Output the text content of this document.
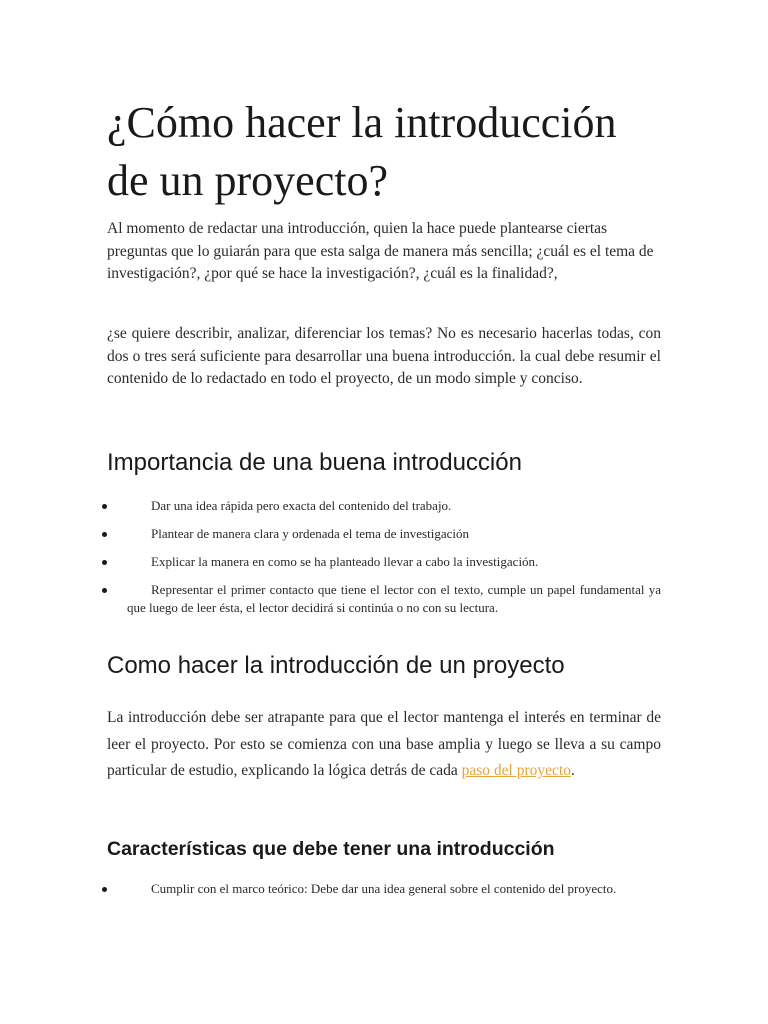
¿Cómo hacer la introducción de un proyecto?

Al momento de redactar una introducción, quien la hace puede plantearse ciertas preguntas que lo guiarán para que esta salga de manera más sencilla; ¿cuál es el tema de investigación?, ¿por qué se hace la investigación?, ¿cuál es la finalidad?,

¿se quiere describir, analizar, diferenciar los temas? No es necesario hacerlas todas, con dos o tres será suficiente para desarrollar una buena introducción. la cual debe resumir el contenido de lo redactado en todo el proyecto, de un modo simple y conciso.

Importancia de una buena introducción
Dar una idea rápida pero exacta del contenido del trabajo.
Plantear de manera clara y ordenada el tema de investigación
Explicar la manera en como se ha planteado llevar a cabo la investigación.
Representar el primer contacto que tiene el lector con el texto, cumple un papel fundamental ya que luego de leer ésta, el lector decidirá si continúa o no con su lectura.
Como hacer la introducción de un proyecto

La introducción debe ser atrapante para que el lector mantenga el interés en terminar de leer el proyecto. Por esto se comienza con una base amplia y luego se lleva a su campo particular de estudio, explicando la lógica detrás de cada paso del proyecto.

Características que debe tener una introducción
Cumplir con el marco teórico: Debe dar una idea general sobre el contenido del proyecto.
